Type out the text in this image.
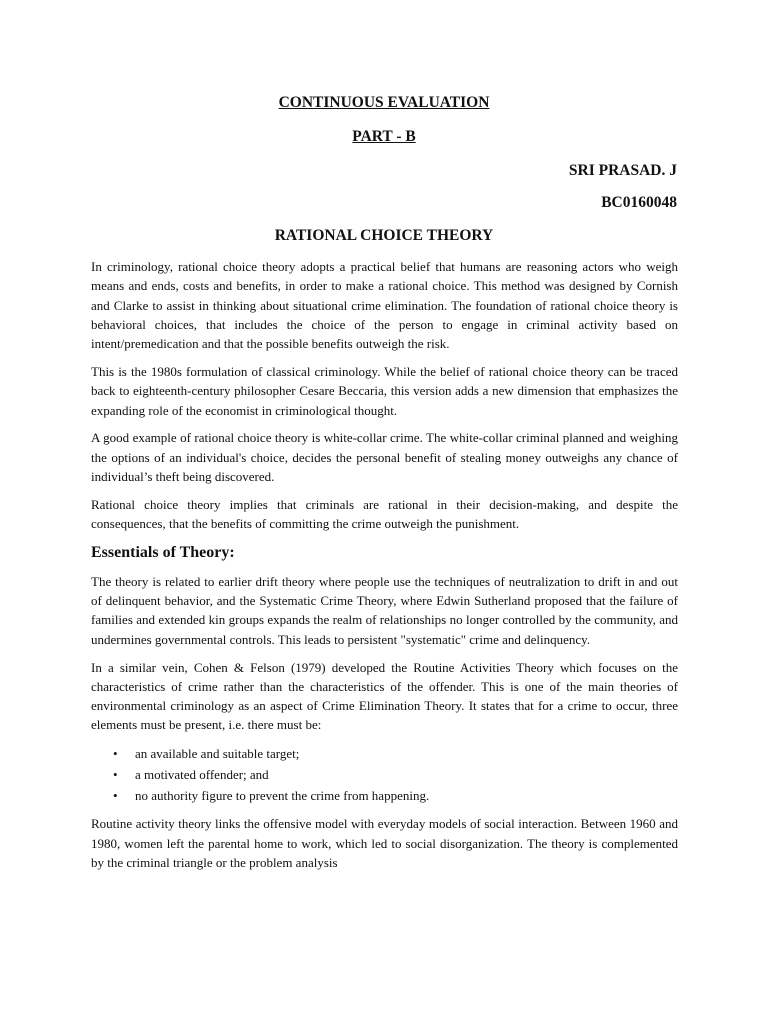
CONTINUOUS EVALUATION
PART - B
SRI PRASAD. J
BC0160048
RATIONAL CHOICE THEORY

In criminology, rational choice theory adopts a practical belief that humans are reasoning actors who weigh means and ends, costs and benefits, in order to make a rational choice. This method was designed by Cornish and Clarke to assist in thinking about situational crime elimination. The foundation of rational choice theory is behavioral choices, that includes the choice of the person to engage in criminal activity based on intent/premedication and that the possible benefits outweigh the risk.

This is the 1980s formulation of classical criminology. While the belief of rational choice theory can be traced back to eighteenth-century philosopher Cesare Beccaria, this version adds a new dimension that emphasizes the expanding role of the economist in criminological thought.

A good example of rational choice theory is white-collar crime. The white-collar criminal planned and weighing the options of an individual's choice, decides the personal benefit of stealing money outweighs any chance of individual’s theft being discovered.

Rational choice theory implies that criminals are rational in their decision-making, and despite the consequences, that the benefits of committing the crime outweigh the punishment.

Essentials of Theory:

The theory is related to earlier drift theory where people use the techniques of neutralization to drift in and out of delinquent behavior, and the Systematic Crime Theory, where Edwin Sutherland proposed that the failure of families and extended kin groups expands the realm of relationships no longer controlled by the community, and undermines governmental controls. This leads to persistent "systematic" crime and delinquency.

In a similar vein, Cohen & Felson (1979) developed the Routine Activities Theory which focuses on the characteristics of crime rather than the characteristics of the offender. This is one of the main theories of environmental criminology as an aspect of Crime Elimination Theory. It states that for a crime to occur, three elements must be present, i.e. there must be:

• an available and suitable target;
• a motivated offender; and
• no authority figure to prevent the crime from happening.

Routine activity theory links the offensive model with everyday models of social interaction. Between 1960 and 1980, women left the parental home to work, which led to social disorganization. The theory is complemented by the criminal triangle or the problem analysis
